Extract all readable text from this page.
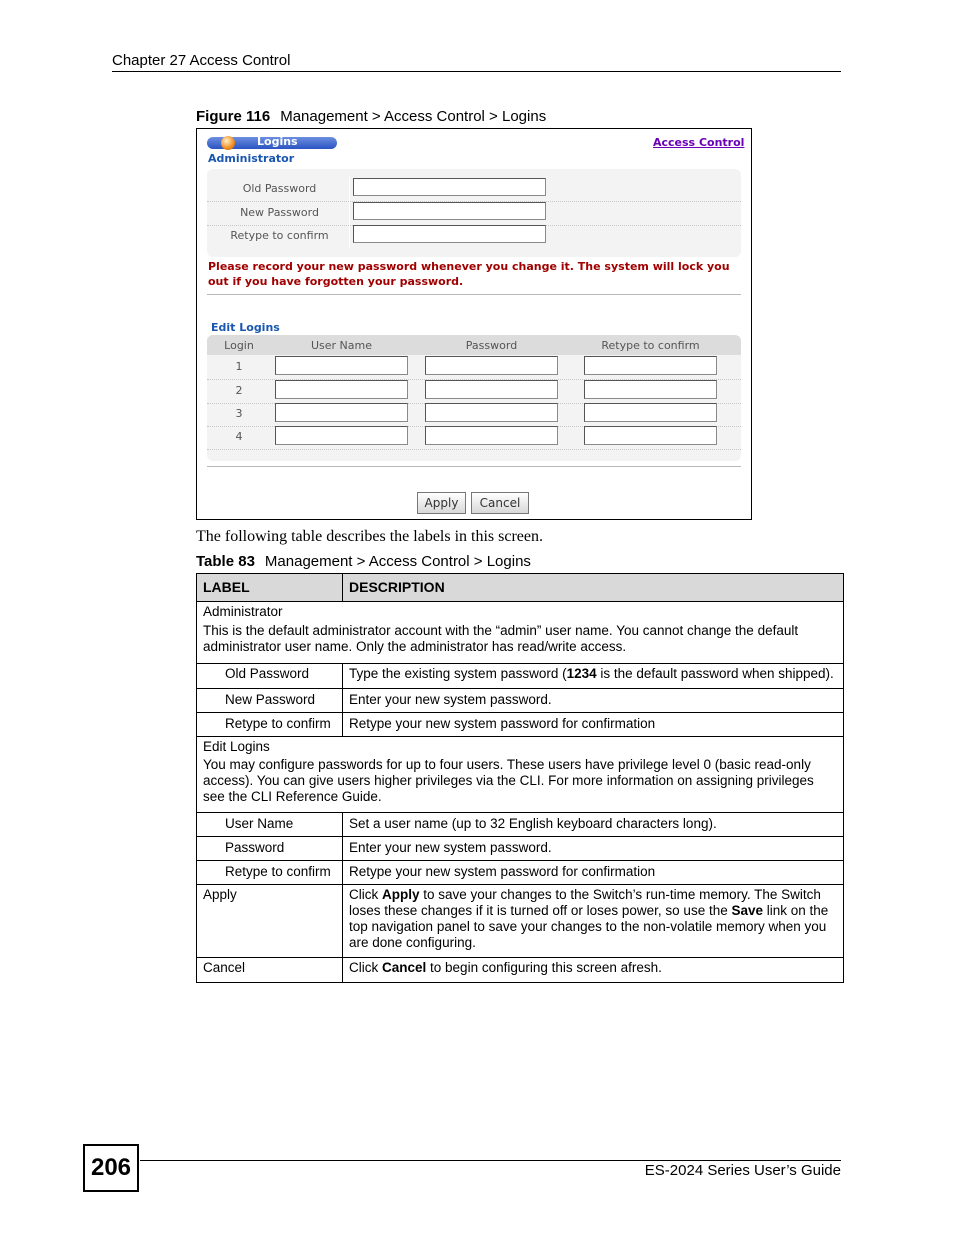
Chapter 27 Access Control
Figure 116 Management > Access Control > Logins
Logins	Access Control
Administrator
Old Password
New Password
Retype to confirm
Please record your new password whenever you change it. The system will lock you out if you have forgotten your password.
Edit Logins
Login	User Name	Password	Retype to confirm
1
2
3
4
Apply	Cancel
The following table describes the labels in this screen.
Table 83 Management > Access Control > Logins
LABEL	DESCRIPTION

Administrator
This is the default administrator account with the “admin” user name. You cannot change the default administrator user name. Only the administrator has read/write access.	

Old Password	Type the existing system password (1234 is the default password when shipped).
New Password	Enter your new system password.
Retype to confirm	Retype your new system password for confirmation

Edit Logins
You may configure passwords for up to four users. These users have privilege level 0 (basic read-only access). You can give users higher privileges via the CLI. For more information on assigning privileges see the CLI Reference Guide.	

User Name	Set a user name (up to 32 English keyboard characters long).
Password	Enter your new system password.
Retype to confirm	Retype your new system password for confirmation
Apply	Click Apply to save your changes to the Switch’s run-time memory. The Switch loses these changes if it is turned off or loses power, so use the Save link on the top navigation panel to save your changes to the non-volatile memory when you are done configuring.
Cancel	Click Cancel to begin configuring this screen afresh.
206	ES-2024 Series User’s Guide
